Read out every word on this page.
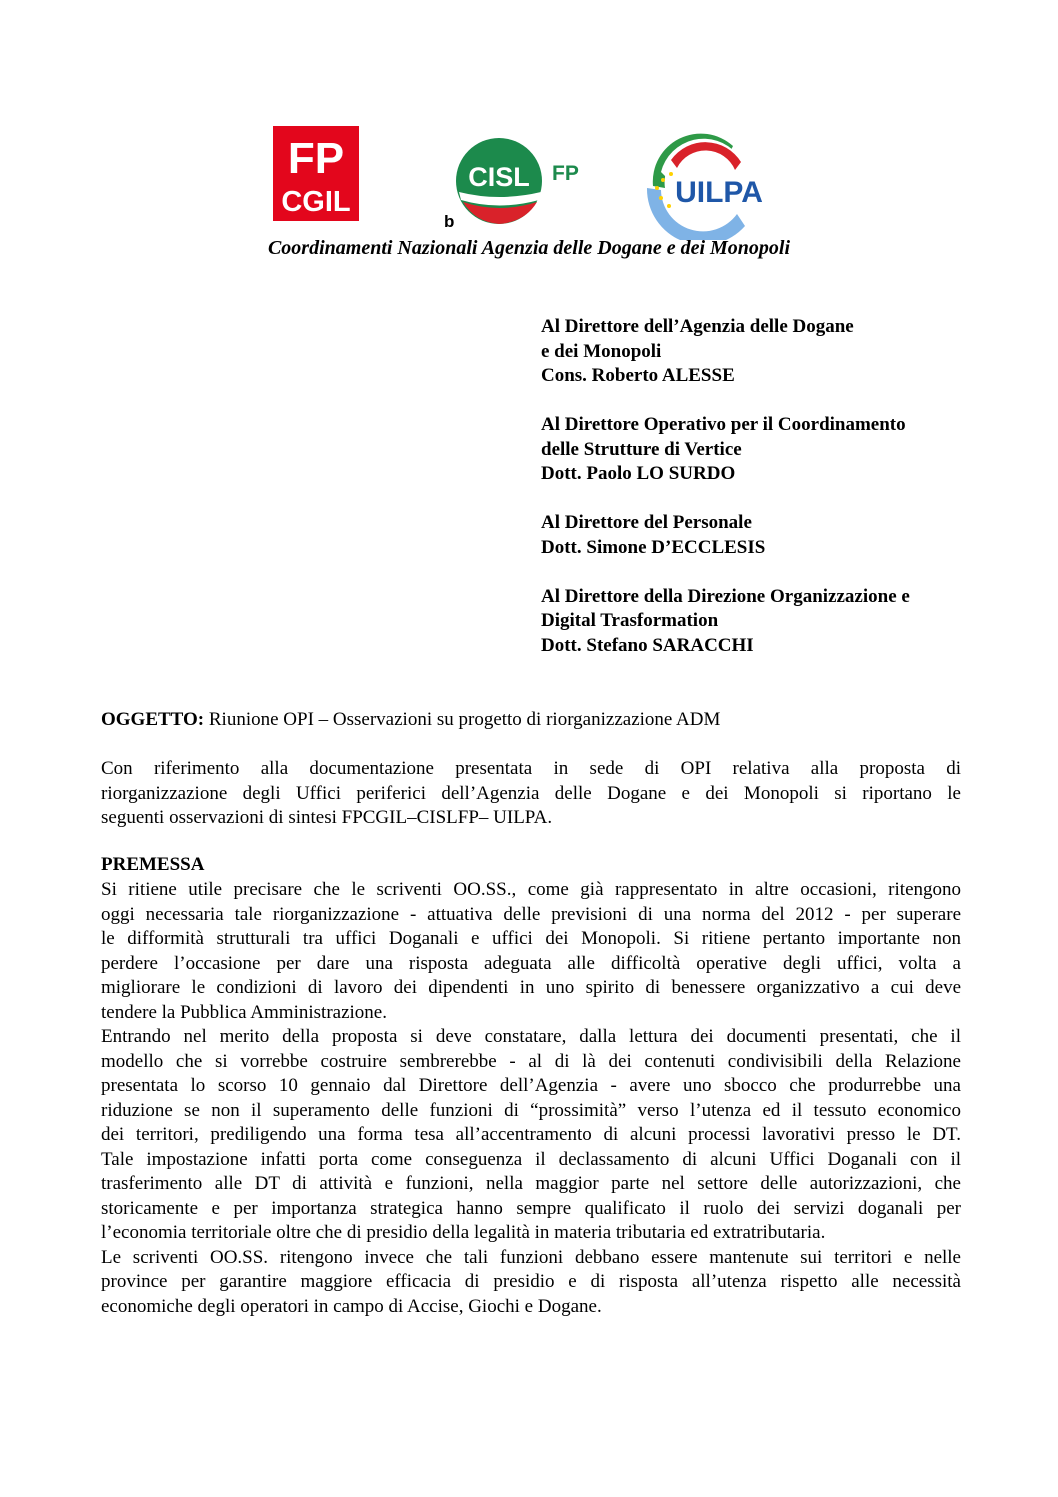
FP
CGIL
CISL FP
b
UILPA
Coordinamenti Nazionali Agenzia delle Dogane e dei Monopoli
Al Direttore dell’Agenzia delle Dogane
e dei Monopoli
Cons. Roberto ALESSE
Al Direttore Operativo per il Coordinamento
delle Strutture di Vertice
Dott. Paolo LO SURDO
Al Direttore del Personale
Dott. Simone D’ECCLESIS
Al Direttore della Direzione Organizzazione e
Digital Trasformation
Dott. Stefano SARACCHI
OGGETTO: Riunione OPI – Osservazioni su progetto di riorganizzazione ADM
Con riferimento alla documentazione presentata in sede di OPI relativa alla proposta di
riorganizzazione degli Uffici periferici dell’Agenzia delle Dogane e dei Monopoli si riportano le
seguenti osservazioni di sintesi FPCGIL–CISLFP– UILPA.
PREMESSA
Si ritiene utile precisare che le scriventi OO.SS., come già rappresentato in altre occasioni, ritengono
oggi necessaria tale riorganizzazione - attuativa delle previsioni di una norma del 2012 - per superare
le difformità strutturali tra uffici Doganali e uffici dei Monopoli. Si ritiene pertanto importante non
perdere l’occasione per dare una risposta adeguata alle difficoltà operative degli uffici, volta a
migliorare le condizioni di lavoro dei dipendenti in uno spirito di benessere organizzativo a cui deve
tendere la Pubblica Amministrazione.
Entrando nel merito della proposta si deve constatare, dalla lettura dei documenti presentati, che il
modello che si vorrebbe costruire sembrerebbe - al di là dei contenuti condivisibili della Relazione
presentata lo scorso 10 gennaio dal Direttore dell’Agenzia - avere uno sbocco che produrrebbe una
riduzione se non il superamento delle funzioni di “prossimità” verso l’utenza ed il tessuto economico
dei territori, prediligendo una forma tesa all’accentramento di alcuni processi lavorativi presso le DT.
Tale impostazione infatti porta come conseguenza il declassamento di alcuni Uffici Doganali con il
trasferimento alle DT di attività e funzioni, nella maggior parte nel settore delle autorizzazioni, che
storicamente e per importanza strategica hanno sempre qualificato il ruolo dei servizi doganali per
l’economia territoriale oltre che di presidio della legalità in materia tributaria ed extratributaria.
Le scriventi OO.SS. ritengono invece che tali funzioni debbano essere mantenute sui territori e nelle
province per garantire maggiore efficacia di presidio e di risposta all’utenza rispetto alle necessità
economiche degli operatori in campo di Accise, Giochi e Dogane.
